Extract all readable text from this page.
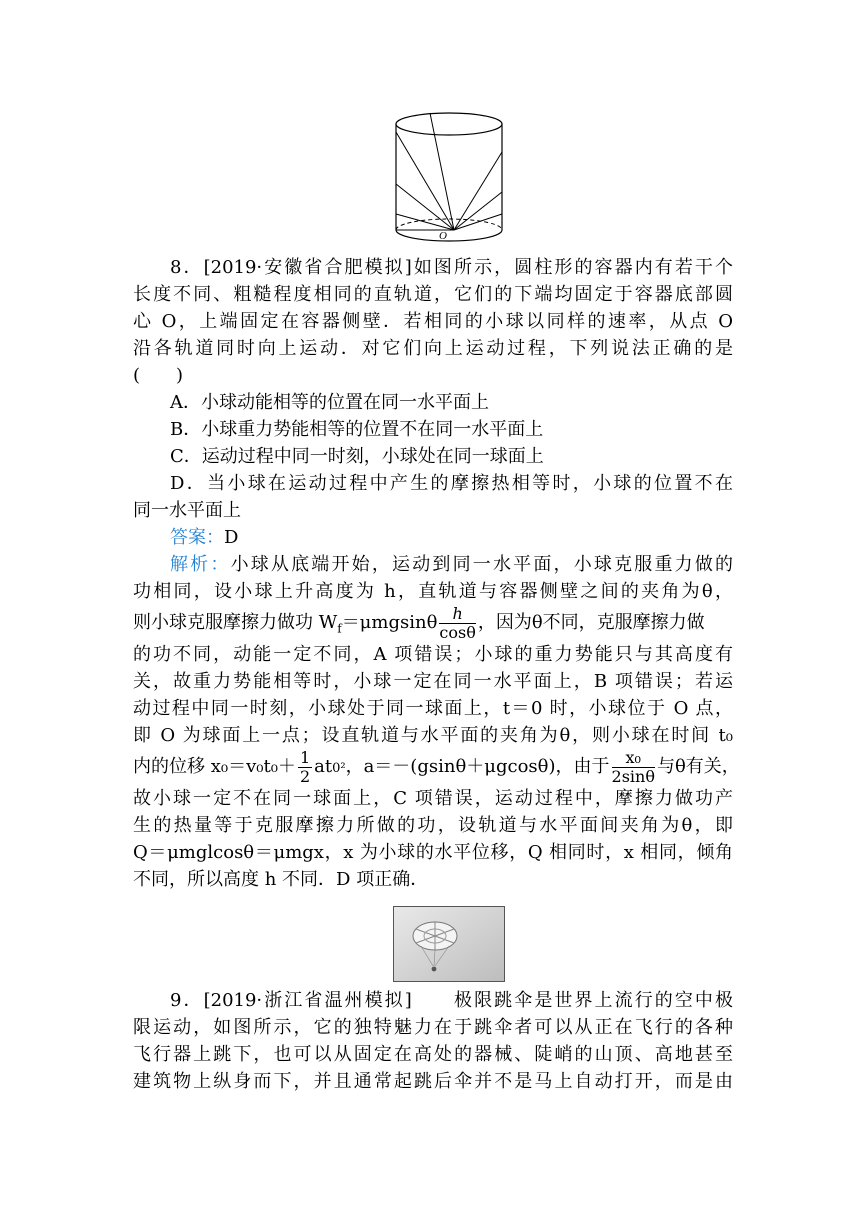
O
8．[2019·安徽省合肥模拟]如图所示，圆柱形的容器内有若干个
长度不同、粗糙程度相同的直轨道，它们的下端均固定于容器底部圆
心 O，上端固定在容器侧壁．若相同的小球以同样的速率，从点 O
沿各轨道同时向上运动．对它们向上运动过程，下列说法正确的是
(　　)
A．小球动能相等的位置在同一水平面上
B．小球重力势能相等的位置不在同一水平面上
C．运动过程中同一时刻，小球处在同一球面上
D．当小球在运动过程中产生的摩擦热相等时，小球的位置不在
同一水平面上
答案：D
解析：小球从底端开始，运动到同一水平面，小球克服重力做的
功相同，设小球上升高度为 h，直轨道与容器侧壁之间的夹角为θ，
则小球克服摩擦力做功 $W_f=\mu mgsin\theta \frac{h}{\cos\theta}$ ，因为θ不同，克服摩擦力做
的功不同，动能一定不同，A 项错误；小球的重力势能只与其高度有
关，故重力势能相等时，小球一定在同一水平面上，B 项错误；若运
动过程中同一时刻，小球处于同一球面上，t＝0 时，小球位于 O 点，
即 O 为球面上一点；设直轨道与水平面的夹角为θ，则小球在时间 t₀
内的位移 $x_0=v_0t_0+ \frac{1}{2} at0^2$，a＝－(gsinθ＋μgcosθ)，由于 $\frac{\text{x₀}}{2\sin\theta}$ 与θ有关，
故小球一定不在同一球面上，C 项错误，运动过程中，摩擦力做功产
生的热量等于克服摩擦力所做的功，设轨道与水平面间夹角为θ，即
Q＝μmglcosθ＝μmgx，x 为小球的水平位移，Q 相同时，x 相同，倾角
不同，所以高度 h 不同．D 项正确．
9．[2019·浙江省温州模拟]　　极限跳伞是世界上流行的空中极
限运动，如图所示，它的独特魅力在于跳伞者可以从正在飞行的各种
飞行器上跳下，也可以从固定在高处的器械、陡峭的山顶、高地甚至
建筑物上纵身而下，并且通常起跳后伞并不是马上自动打开，而是由
